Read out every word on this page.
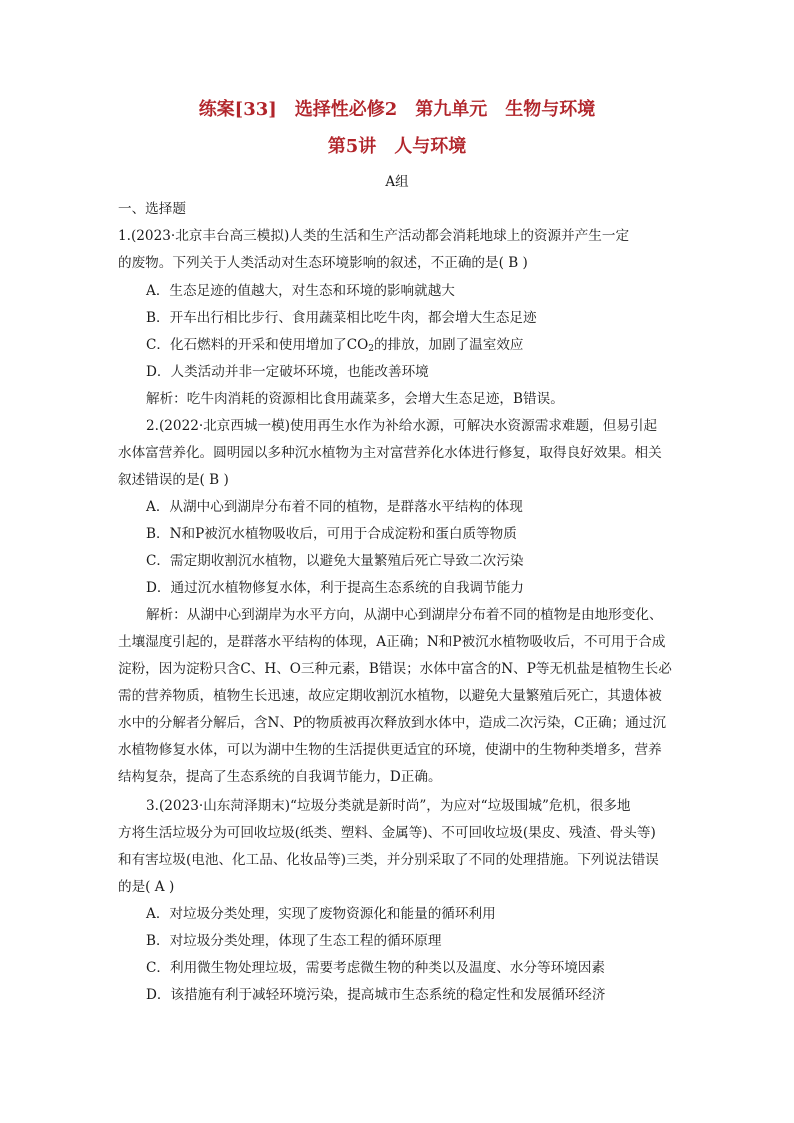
练案[33]　选择性必修2　第九单元　生物与环境
第5讲　人与环境
A组
一、选择题
1.(2023·北京丰台高三模拟)人类的生活和生产活动都会消耗地球上的资源并产生一定
的废物。下列关于人类活动对生态环境影响的叙述，不正确的是( B )
A．生态足迹的值越大，对生态和环境的影响就越大
B．开车出行相比步行、食用蔬菜相比吃牛肉，都会增大生态足迹
C．化石燃料的开采和使用增加了$CO_2$的排放，加剧了温室效应
D．人类活动并非一定破坏环境，也能改善环境
解析：吃牛肉消耗的资源相比食用蔬菜多，会增大生态足迹，B错误。
2.(2022·北京西城一模)使用再生水作为补给水源，可解决水资源需求难题，但易引起
水体富营养化。圆明园以多种沉水植物为主对富营养化水体进行修复，取得良好效果。相关
叙述错误的是( B )
A．从湖中心到湖岸分布着不同的植物，是群落水平结构的体现
B．N和P被沉水植物吸收后，可用于合成淀粉和蛋白质等物质
C．需定期收割沉水植物，以避免大量繁殖后死亡导致二次污染
D．通过沉水植物修复水体，利于提高生态系统的自我调节能力
解析：从湖中心到湖岸为水平方向，从湖中心到湖岸分布着不同的植物是由地形变化、
土壤湿度引起的，是群落水平结构的体现，A正确；N和P被沉水植物吸收后，不可用于合成
淀粉，因为淀粉只含C、H、O三种元素，B错误；水体中富含的N、P等无机盐是植物生长必
需的营养物质，植物生长迅速，故应定期收割沉水植物，以避免大量繁殖后死亡，其遗体被
水中的分解者分解后，含N、P的物质被再次释放到水体中，造成二次污染，C正确；通过沉
水植物修复水体，可以为湖中生物的生活提供更适宜的环境，使湖中的生物种类增多，营养
结构复杂，提高了生态系统的自我调节能力，D正确。
3.(2023·山东菏泽期末)“垃圾分类就是新时尚”，为应对“垃圾围城”危机，很多地
方将生活垃圾分为可回收垃圾(纸类、塑料、金属等)、不可回收垃圾(果皮、残渣、骨头等)
和有害垃圾(电池、化工品、化妆品等)三类，并分别采取了不同的处理措施。下列说法错误
的是( A )
A．对垃圾分类处理，实现了废物资源化和能量的循环利用
B．对垃圾分类处理，体现了生态工程的循环原理
C．利用微生物处理垃圾，需要考虑微生物的种类以及温度、水分等环境因素
D．该措施有利于减轻环境污染，提高城市生态系统的稳定性和发展循环经济
